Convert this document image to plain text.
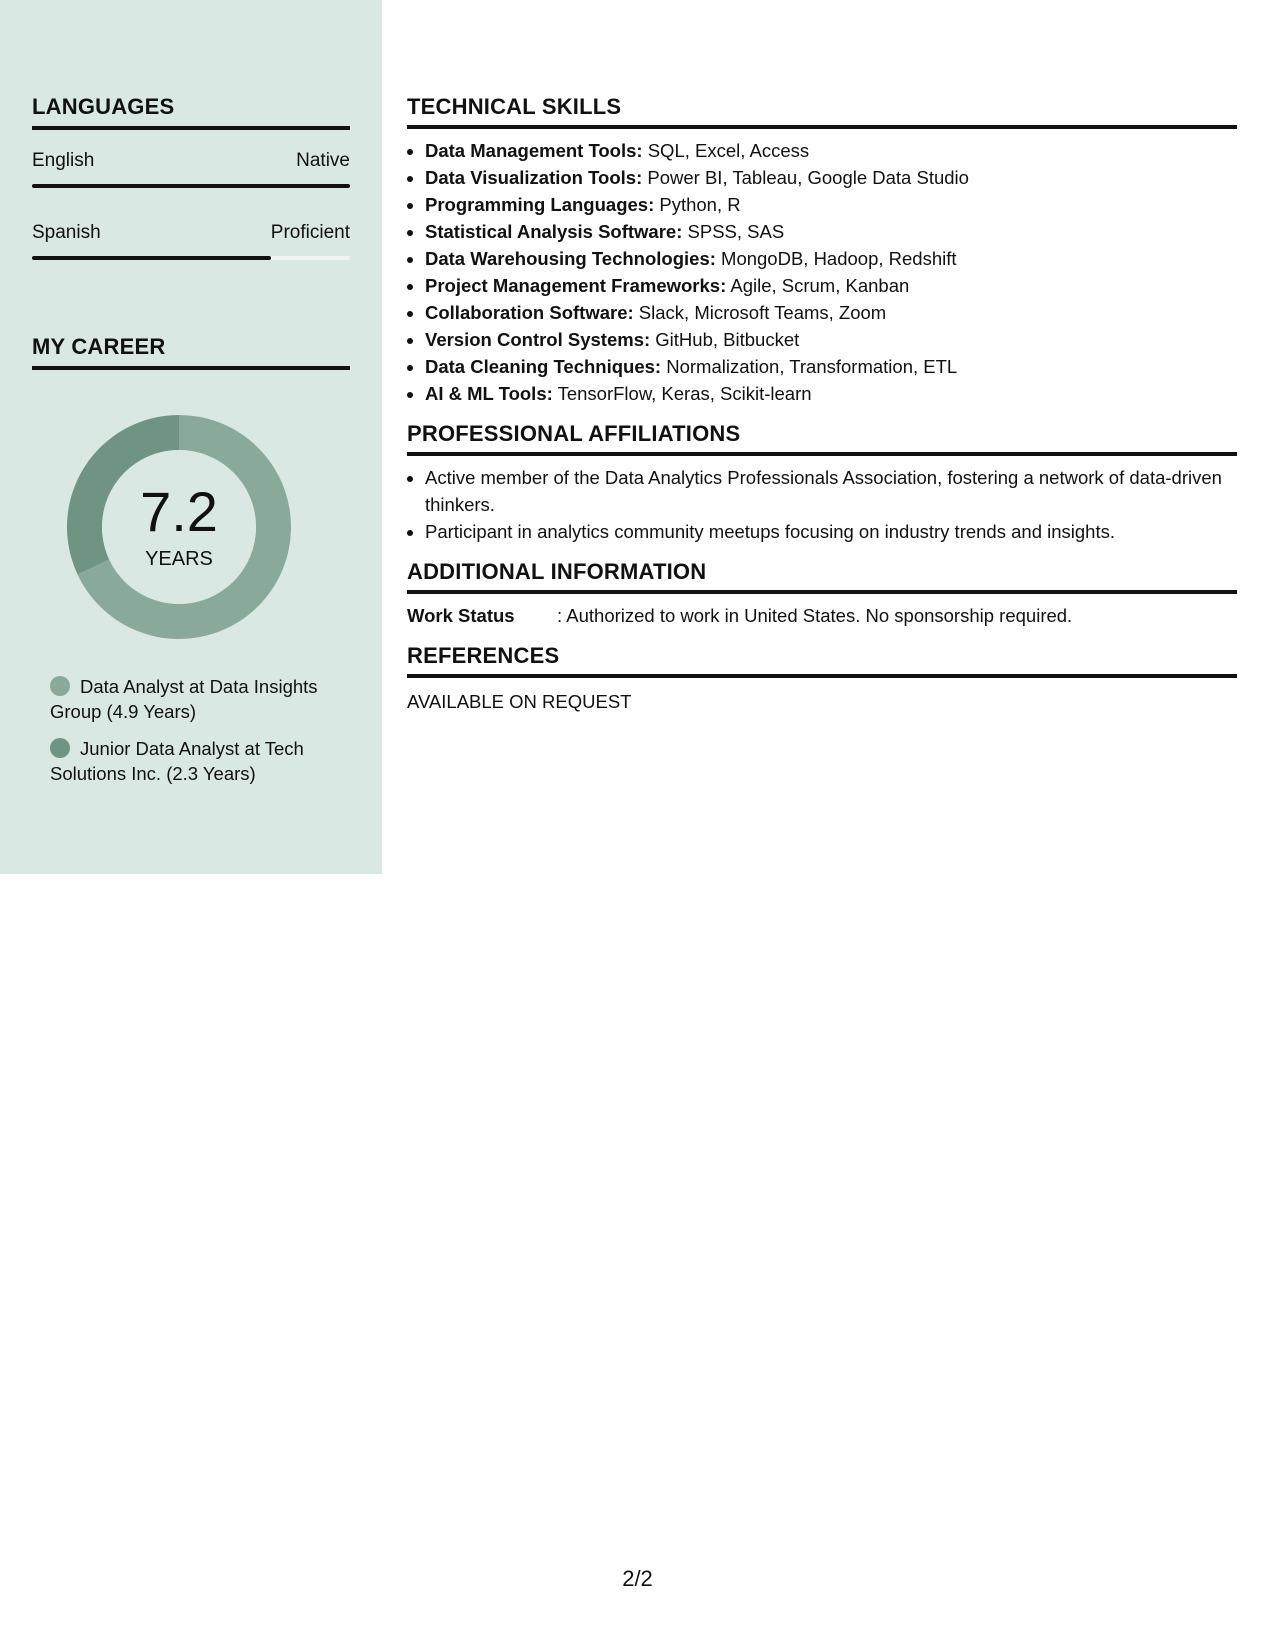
LANGUAGES
English	Native
Spanish	Proficient
MY CAREER
7.2
YEARS
Data Analyst at Data Insights Group (4.9 Years)
Junior Data Analyst at Tech Solutions Inc. (2.3 Years)
TECHNICAL SKILLS
• Data Management Tools: SQL, Excel, Access
• Data Visualization Tools: Power BI, Tableau, Google Data Studio
• Programming Languages: Python, R
• Statistical Analysis Software: SPSS, SAS
• Data Warehousing Technologies: MongoDB, Hadoop, Redshift
• Project Management Frameworks: Agile, Scrum, Kanban
• Collaboration Software: Slack, Microsoft Teams, Zoom
• Version Control Systems: GitHub, Bitbucket
• Data Cleaning Techniques: Normalization, Transformation, ETL
• AI & ML Tools: TensorFlow, Keras, Scikit-learn
PROFESSIONAL AFFILIATIONS
• Active member of the Data Analytics Professionals Association, fostering a network of data-driven thinkers.
• Participant in analytics community meetups focusing on industry trends and insights.
ADDITIONAL INFORMATION
Work Status	: Authorized to work in United States. No sponsorship required.
REFERENCES
AVAILABLE ON REQUEST
2/2
